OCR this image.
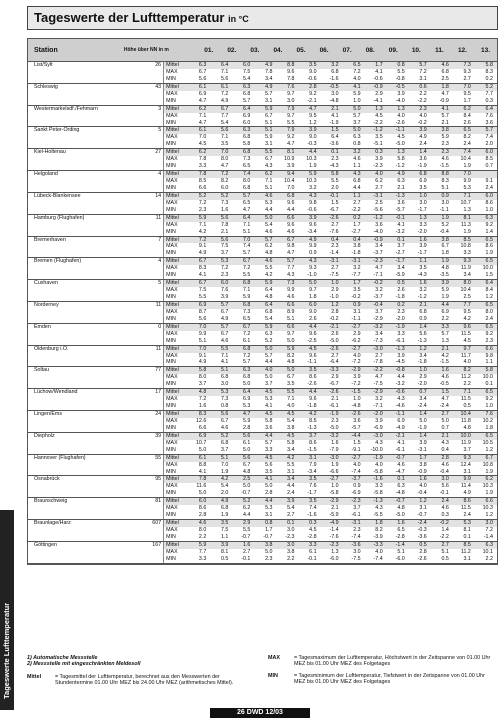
Tageswerte Lufttemperatur
Tageswerte der Lufttemperatur in °C
Station	Höhe über NN in m	01.	02.	03.	04.	05.	06.	07.	08.	09.	10.	11.	12.	13.
List/Sylt	26 Mittel	6.3	6.4	6.0	4.9	8.8	3.5	3.2	6.5	1.7	0.8	5.7	4.6	7.3	5.8
MAX	6.7	7.1	7.5	7.8	9.6	9.0	6.8	7.2	4.1	5.5	7.2	6.8	9.3	8.3
MIN	5.6	5.6	5.4	3.4	7.8	-0.6	-1.6	4.0	-0.6	-0.8	3.1	2.5	2.7	0.2
Schleswig	43 Mittel	6.1	6.1	6.3	4.9	7.6	2.8	-0.5	4.1	-0.9	-0.5	0.6	1.8	7.0	5.2
MAX	6.9	7.2	6.8	5.7	9.7	9.2	3.0	5.9	2.9	3.9	2.2	4.7	9.5	7.7
MIN	4.7	4.9	5.7	3.1	3.0	-2.1	-4.8	1.0	-4.1	-4.0	-2.2	-0.9	1.7	0.3
Westermarkelsdf./Fehmarn	3 Mittel	6.2	6.7	6.4	5.9	7.9	4.7	2.1	5.0	1.3	1.3	2.3	4.1	6.2	6.4
MAX	7.1	7.7	6.9	6.7	9.7	9.5	4.1	5.7	4.5	4.0	4.0	5.7	8.4	7.6
MIN	4.7	5.4	6.0	5.1	5.5	1.2	-1.9	3.7	-2.2	-2.6	-0.2	2.1	2.6	3.6
Sankt Peter-Ording	5 Mittel	6.1	5.6	6.3	5.1	7.9	3.9	1.5	5.0	-1.2	-1.1	3.9	3.8	6.5	5.7
MAX	7.0	7.1	6.8	5.9	9.2	9.0	6.4	6.3	3.5	4.5	4.9	5.9	8.2	7.4
MIN	4.5	3.5	5.8	3.1	4.7	-0.3	-3.6	0.8	-5.1	-5.0	2.4	2.3	2.4	2.0
Kiel-Holtenau	27 Mittel	6.2	7.0	6.8	5.5	8.1	4.4	0.1	3.2	0.3	1.3	1.4	2.3	7.4	6.0
MAX	7.8	8.0	7.3	6.7	10.9	10.3	2.3	4.6	3.9	5.8	3.6	4.6	10.4	8.5
MIN	3.3	4.7	6.5	4.3	3.9	1.9	-4.3	1.1	-2.3	-1.2	-1.9	-1.5	1.9	0.7
Helgoland	4 Mittel	7.8	7.2	7.4	6.2	9.4	5.9	5.8	4.3	4.0	4.9	6.8	8.8	7.0
MAX	8.5	8.2	8.0	7.1	10.4	10.3	5.5	6.8	6.2	6.3	6.9	8.3	9.9	9.1
MIN	6.6	6.0	6.8	5.1	7.0	3.2	2.0	4.4	2.7	2.1	3.5	5.1	5.3	2.4
Lübeck-Blankensee	14 Mittel	5.2	5.2	5.7	4.6	6.8	4.3	-0.1	1.1	-3.1	-1.3	1.0	0.9	7.1	6.0
MAX	7.2	7.3	6.5	5.3	9.6	9.8	1.5	2.7	2.5	3.6	3.0	3.0	10.7	8.6
MIN	2.3	1.6	4.7	4.4	4.4	-0.6	-6.7	-2.2	-5.6	-5.7	-1.7	-1.1	1.3	1.0
Hamburg (Flughafen)	11 Mittel	5.9	5.6	6.4	5.0	6.6	3.9	-2.6	0.2	-1.2	-0.1	1.3	1.9	8.1	6.3
MAX	7.1	7.8	7.1	5.4	9.6	9.6	2.7	1.7	3.6	4.1	3.3	5.2	11.3	9.2
MIN	4.2	2.1	5.1	4.6	4.6	-3.4	-7.6	-2.7	-4.0	-3.2	-2.0	-0.4	1.9	1.4
Bremerhaven	7 Mittel	7.2	5.6	7.0	5.7	6.7	4.9	0.4	0.4	-0.9	0.1	1.6	3.8	8.5	6.5
MAX	9.1	7.5	7.4	6.2	9.8	9.9	2.3	3.8	3.4	3.7	3.9	6.7	10.8	8.6
MIN	4.9	3.7	5.7	4.8	4.7	0.9	-1.4	-1.8	-3.7	-2.7	-1.7	1.8	3.3	1.9
Bremen (Flughafen)	4 Mittel	6.7	5.3	6.7	4.6	5.7	4.3	-3.1	-3.1	-2.3	-1.7	1.1	1.9	9.3	6.5
MAX	8.3	7.2	7.2	5.5	7.7	9.3	2.7	3.2	4.7	3.4	3.5	4.8	11.9	10.0
MIN	4.1	2.3	5.5	4.2	4.3	-1.0	-7.5	-7.7	-7.1	-5.9	-4.3	-3.5	3.4	1.5
Cuxhaven	5 Mittel	6.7	6.0	6.8	5.9	7.3	5.0	1.0	1.7	-0.2	0.5	1.6	3.9	8.0	6.4
MAX	7.5	7.6	7.1	6.4	9.9	9.7	2.9	3.5	3.2	2.6	3.2	5.9	10.4	8.4
MIN	5.5	3.9	5.9	4.8	4.6	1.8	-1.0	-0.2	-3.7	-1.8	-1.2	1.9	2.5	1.2
Norderney	11 Mittel	6.9	5.7	6.8	6.4	6.6	6.0	1.2	0.9	-0.4	0.2	2.1	4.4	7.7	6.5
MAX	8.7	6.7	7.3	6.8	8.9	9.0	2.8	3.1	3.7	2.3	6.8	6.9	9.5	8.0
MIN	5.6	4.9	6.5	5.4	5.1	2.6	-0.2	-1.1	-2.9	-2.0	0.9	2.2	4.2	2.4
Emden	0 Mittel	7.0	5.7	6.7	5.9	6.6	4.4	-2.1	-2.7	-3.2	-1.9	1.4	3.3	9.6	6.5
MAX	9.9	6.7	7.2	6.3	9.7	9.6	2.6	2.9	3.4	3.3	5.6	5.7	11.5	9.2
MIN	5.1	4.6	6.1	5.2	5.0	-2.5	-5.0	-6.2	-7.3	-6.1	-1.3	1.3	4.5	2.3
Oldenburg i.O.	11 Mittel	7.0	5.5	6.8	5.0	5.9	4.5	-2.6	-2.7	-3.0	-1.3	1.2	2.1	9.7	6.6
MAX	9.1	7.1	7.2	5.7	8.2	9.6	2.7	4.0	2.7	3.9	3.4	4.2	11.7	9.8
MIN	4.9	4.1	5.7	4.4	4.8	-1.1	-6.4	-7.2	-7.8	-4.5	-1.8	-1.5	4.0	1.1
Soltau	77 Mittel	5.8	5.1	6.3	4.0	5.0	3.5	-3.3	-2.9	-2.2	-0.8	1.0	1.6	8.2	5.8
MAX	8.0	6.8	6.8	5.0	6.7	8.6	2.9	3.9	4.7	4.4	2.9	4.6	11.2	10.0
MIN	3.7	3.0	5.0	3.7	3.5	-2.6	-6.7	-7.2	-7.5	-3.2	-2.0	-0.5	2.2	0.1
Lüchow/Wendland	17 Mittel	4.8	5.3	6.4	4.5	5.5	4.4	-2.6	-1.5	-2.9	-0.6	0.7	1.5	7.1	6.5
MAX	7.2	7.3	6.9	5.3	7.1	9.6	2.1	1.0	3.2	4.3	3.4	4.7	11.5	9.2
MIN	1.6	0.8	5.3	4.1	4.0	-1.8	-6.1	-4.8	-7.1	-4.6	-2.4	-2.4	0.5	1.0
Lingen/Ems	24 Mittel	8.3	5.6	4.7	4.5	4.5	4.2	-1.9	-2.6	-2.0	-1.1	1.4	2.7	10.4	7.6
MAX	12.6	6.7	5.9	5.8	5.4	8.5	2.3	3.6	3.9	6.9	5.0	5.0	11.8	10.2
MIN	6.6	4.6	2.8	3.6	3.8	-1.3	-5.0	-5.7	-6.9	-4.9	-1.9	0.7	4.8	1.8
Diepholz	39 Mittel	6.9	5.2	5.6	4.4	4.5	3.7	-3.2	-4.4	-3.0	-2.1	1.4	2.1	10.0	6.5
MAX	10.7	6.8	6.1	5.7	5.8	8.6	1.6	1.5	4.3	4.1	3.9	4.3	11.9	10.5
MIN	5.0	3.7	5.0	3.3	3.4	-1.5	-7.9	-9.1	-10.0	-6.1	-3.1	0.4	3.7	1.2
Hannover (Flughafen)	55 Mittel	6.1	5.1	5.6	4.5	4.2	3.1	-3.0	-2.7	-1.9	-0.7	1.7	2.8	9.3	6.7
MAX	8.8	7.0	6.7	5.6	5.5	7.9	1.9	4.0	4.0	4.6	3.8	4.6	12.4	10.8
MIN	4.1	1.9	4.8	3.5	3.1	-3.4	-6.6	-7.4	-5.8	-4.7	-0.9	-0.4	3.1	1.9
Osnabrück	95 Mittel	7.8	4.2	2.5	4.1	3.4	3.5	-2.7	-3.7	-1.6	0.1	1.6	3.0	9.9	6.2
MAX	11.6	5.4	5.0	5.0	4.4	7.6	1.0	0.9	3.3	6.3	4.0	5.6	11.4	10.3
MIN	5.0	2.0	-0.7	2.8	2.4	-1.7	-5.8	-6.9	-5.8	-4.8	-0.4	-0.1	4.9	1.9
Braunschweig	81 Mittel	6.0	4.9	5.2	4.4	3.9	3.5	-2.9	-2.3	-1.3	-0.7	1.2	2.4	8.6	6.6
MAX	8.6	6.8	6.2	5.3	5.4	7.4	2.1	3.7	4.3	4.8	3.1	4.6	11.5	10.3
MIN	2.8	1.9	4.4	3.1	2.7	-1.6	-5.9	-6.1	-5.5	-5.0	-0.7	0.3	2.4	1.2
Braunlage/Harz	607 Mittel	4.6	3.5	2.9	0.8	0.1	0.3	-4.9	-3.1	1.8	1.6	-2.4	-0.2	5.3	3.0
MAX	8.0	7.5	5.5	1.7	3.0	4.5	-1.4	2.3	8.2	6.5	-0.3	1.4	8.1	7.2
MIN	2.2	1.1	-0.7	-0.7	-2.3	-2.8	-7.6	-7.4	-3.9	-2.8	-3.6	-2.2	0.1	-1.4
Göttingen	167 Mittel	5.9	3.9	1.6	3.8	3.0	3.3	-2.3	-3.6	-3.3	-1.4	0.5	2.7	8.5	6.3
MAX	7.7	8.1	2.7	5.0	3.8	6.1	1.3	3.0	4.0	5.1	2.8	5.1	11.2	10.1
MIN	3.3	0.5	-0.1	2.3	2.2	-0.1	-6.0	-7.5	-7.4	-6.0	-2.6	0.5	3.1	2.2
1) Automatische Messstelle
2) Messstelle mit eingeschränkten Meldesoll
Mittel	= Tagesmittel der Lufttemperatur, berechnet aus den Messwerten der Stundentermine 01.00 Uhr MEZ bis 24.00 Uhr MEZ (arithmetisches Mittel).
MAX	= Tagesmaximum der Lufttemperatur, Höchstwert in der Zeitspanne von 01.00 Uhr MEZ bis 01.00 Uhr MEZ des Folgetages
MIN	= Tagesminimum der Lufttemperatur, Tiefstwert in der Zeitspanne von 01.00 Uhr MEZ bis 01.00 Uhr MEZ des Folgetages
26 DWD 12/03
